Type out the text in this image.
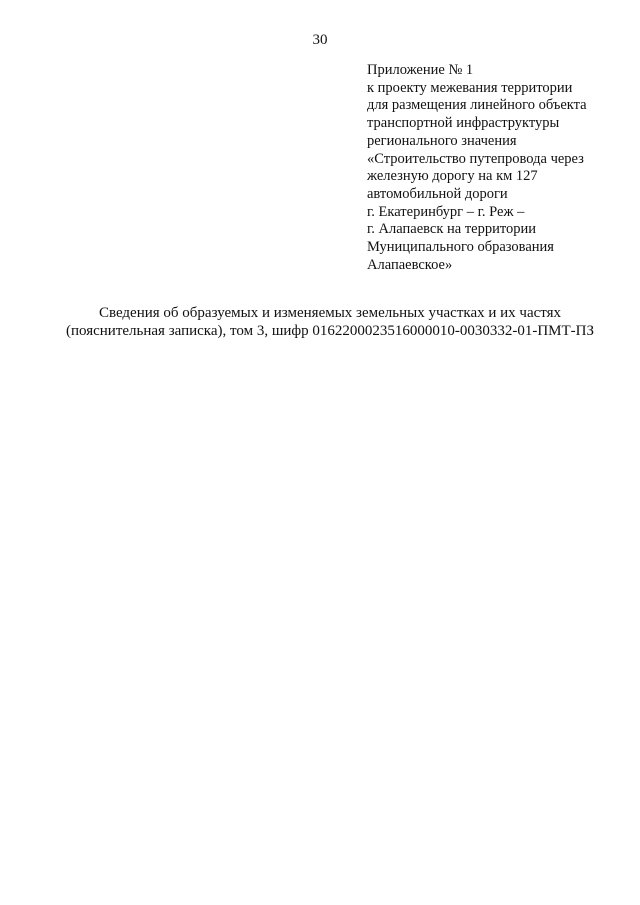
30
Приложение № 1
к проекту межевания территории
для размещения линейного объекта
транспортной инфраструктуры
регионального значения
«Строительство путепровода через
железную дорогу на км 127
автомобильной дороги
г. Екатеринбург – г. Реж –
г. Алапаевск на территории
Муниципального образования
Алапаевское»
Сведения об образуемых и изменяемых земельных участках и их частях
(пояснительная записка), том 3, шифр 0162200023516000010-0030332-01-ПМТ-ПЗ
